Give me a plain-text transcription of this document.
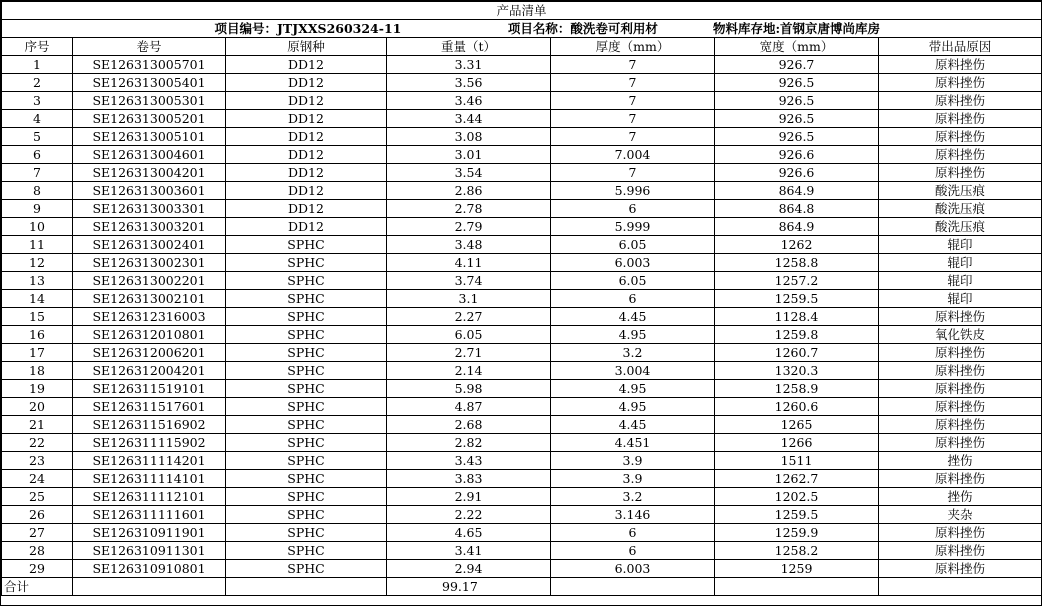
产品清单						
项目编号：JTJXXS260324-11 项目名称：酸洗卷可利用材 物料库存地:首钢京唐博尚库房						
序号	卷号	原钢种	重量（t）	厚度（mm）	宽度（mm）	带出品原因
1	SE126313005701	DD12	3.31	7	926.7	原料挫伤
2	SE126313005401	DD12	3.56	7	926.5	原料挫伤
3	SE126313005301	DD12	3.46	7	926.5	原料挫伤
4	SE126313005201	DD12	3.44	7	926.5	原料挫伤
5	SE126313005101	DD12	3.08	7	926.5	原料挫伤
6	SE126313004601	DD12	3.01	7.004	926.6	原料挫伤
7	SE126313004201	DD12	3.54	7	926.6	原料挫伤
8	SE126313003601	DD12	2.86	5.996	864.9	酸洗压痕
9	SE126313003301	DD12	2.78	6	864.8	酸洗压痕
10	SE126313003201	DD12	2.79	5.999	864.9	酸洗压痕
11	SE126313002401	SPHC	3.48	6.05	1262	辊印
12	SE126313002301	SPHC	4.11	6.003	1258.8	辊印
13	SE126313002201	SPHC	3.74	6.05	1257.2	辊印
14	SE126313002101	SPHC	3.1	6	1259.5	辊印
15	SE126312316003	SPHC	2.27	4.45	1128.4	原料挫伤
16	SE126312010801	SPHC	6.05	4.95	1259.8	氧化铁皮
17	SE126312006201	SPHC	2.71	3.2	1260.7	原料挫伤
18	SE126312004201	SPHC	2.14	3.004	1320.3	原料挫伤
19	SE126311519101	SPHC	5.98	4.95	1258.9	原料挫伤
20	SE126311517601	SPHC	4.87	4.95	1260.6	原料挫伤
21	SE126311516902	SPHC	2.68	4.45	1265	原料挫伤
22	SE126311115902	SPHC	2.82	4.451	1266	原料挫伤
23	SE126311114201	SPHC	3.43	3.9	1511	挫伤
24	SE126311114101	SPHC	3.83	3.9	1262.7	原料挫伤
25	SE126311112101	SPHC	2.91	3.2	1202.5	挫伤
26	SE126311111601	SPHC	2.22	3.146	1259.5	夹杂
27	SE126310911901	SPHC	4.65	6	1259.9	原料挫伤
28	SE126310911301	SPHC	3.41	6	1258.2	原料挫伤
29	SE126310910801	SPHC	2.94	6.003	1259	原料挫伤
合计			99.17			
